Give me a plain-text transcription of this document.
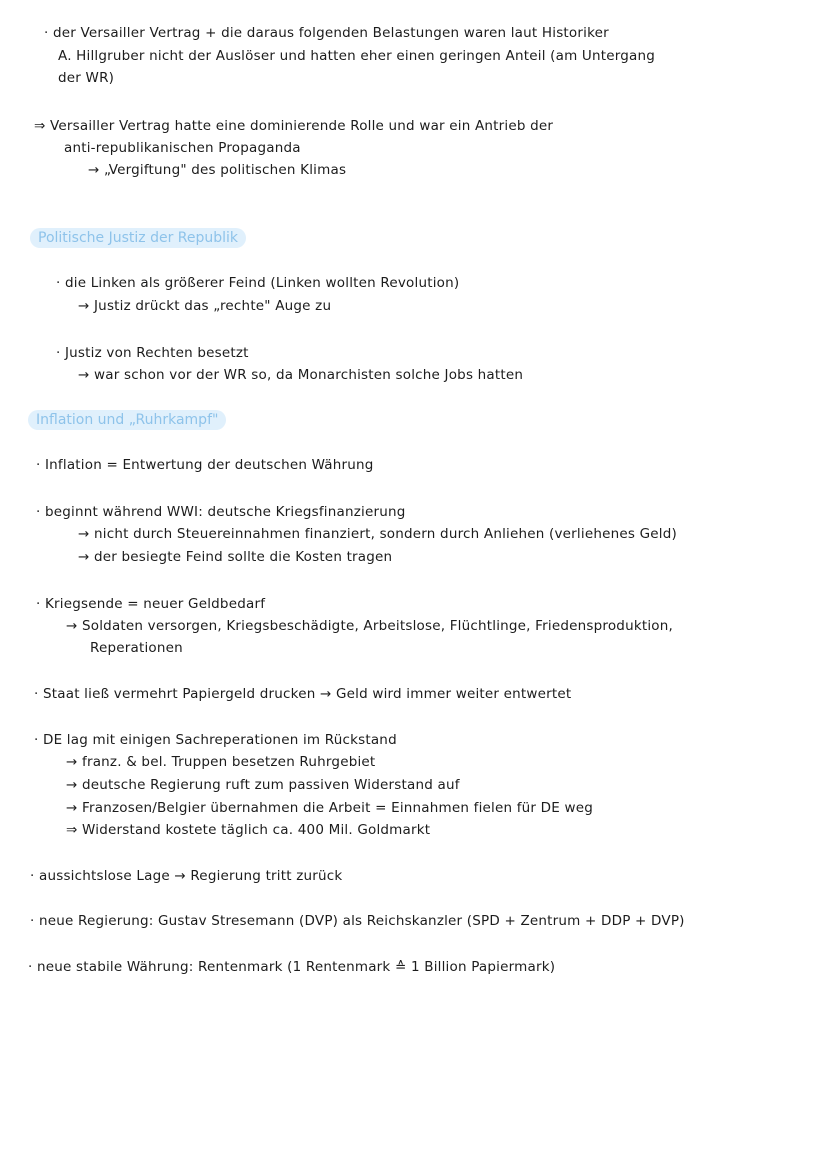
· der Versailler Vertrag + die daraus folgenden Belastungen waren laut Historiker
A. Hillgruber nicht der Auslöser und hatten eher einen geringen Anteil (am Untergang
der WR)
⇒ Versailler Vertrag hatte eine dominierende Rolle und war ein Antrieb der
anti-republikanischen Propaganda
→ „Vergiftung" des politischen Klimas
Politische Justiz der Republik
· die Linken als größerer Feind (Linken wollten Revolution)
→ Justiz drückt das „rechte" Auge zu
· Justiz von Rechten besetzt
→ war schon vor der WR so, da Monarchisten solche Jobs hatten
Inflation und „Ruhrkampf"
· Inflation = Entwertung der deutschen Währung
· beginnt während WWI: deutsche Kriegsfinanzierung
→ nicht durch Steuereinnahmen finanziert, sondern durch Anliehen (verliehenes Geld)
→ der besiegte Feind sollte die Kosten tragen
· Kriegsende = neuer Geldbedarf
→ Soldaten versorgen, Kriegsbeschädigte, Arbeitslose, Flüchtlinge, Friedensproduktion,
Reperationen
· Staat ließ vermehrt Papiergeld drucken → Geld wird immer weiter entwertet
· DE lag mit einigen Sachreperationen im Rückstand
→ franz. & bel. Truppen besetzen Ruhrgebiet
→ deutsche Regierung ruft zum passiven Widerstand auf
→ Franzosen/Belgier übernahmen die Arbeit = Einnahmen fielen für DE weg
⇒ Widerstand kostete täglich ca. 400 Mil. Goldmarkt
· aussichtslose Lage → Regierung tritt zurück
· neue Regierung: Gustav Stresemann (DVP) als Reichskanzler (SPD + Zentrum + DDP + DVP)
· neue stabile Währung: Rentenmark (1 Rentenmark ≙ 1 Billion Papiermark)
